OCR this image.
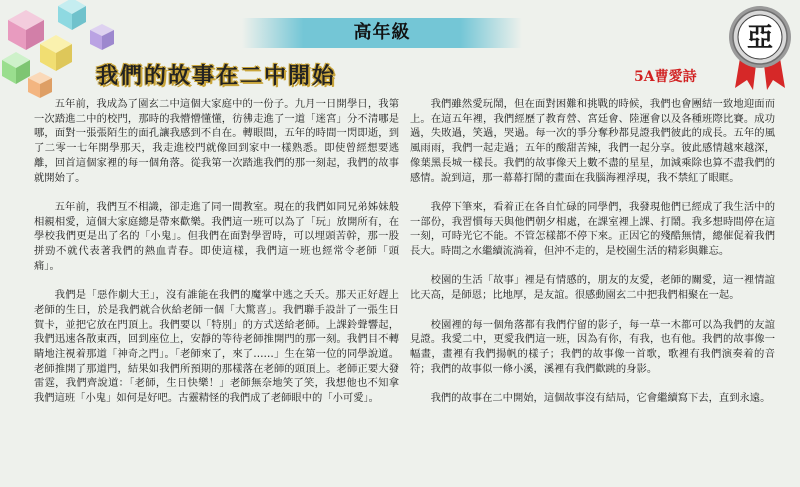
高年級	亞
我們的故事在二中開始	5A曹愛詩

五年前，我成為了園玄二中這個大家庭中的一份子。九月一日開學日，我第一次踏進二中的校門，那時的我懵懵懂懂，彷彿走進了一道「迷宮」分不清哪是哪，面對一張張陌生的面孔讓我感到不自在。轉眼間，五年的時間一閃即逝，到了二零一七年開學那天，我走進校門就像回到家中一樣熟悉。即使曾經想要逃離，回首這個家裡的每一個角落。從我第一次踏進我們的那一刻起，我們的故事就開始了。

五年前，我們互不相識，卻走進了同一間教室。現在的我們如同兄弟姊妹般相親相愛，這個大家庭總是帶來歡樂。我們這一班可以為了「玩」放開所有，在學校我們更是出了名的「小鬼」。但我們在面對學習時，可以埋頭苦幹，那一股拼勁不就代表著我們的熱血青春。即使這樣，我們這一班也經常令老師「頭痛」。

我們是「惡作劇大王」，沒有誰能在我們的魔掌中逃之夭夭。那天正好趕上老師的生日，於是我們就合伙給老師一個「大驚喜」。我們聯手設計了一張生日賀卡，並把它放在門頂上。我們要以「特別」的方式送給老師。上課鈴聲響起，我們迅速各散東西，回到座位上，安靜的等待老師推開門的那一刻。我們目不轉睛地注視着那道「神奇之門」。「老師來了，來了……」生在第一位的同學說道。老師推開了那道門，結果如我們所預期的那樣落在老師的頭頂上。老師正要大發雷霆，我們齊說道：「老師，生日快樂！」老師無奈地笑了笑，我想他也不知拿我們這班「小鬼」如何是好吧。古靈精怪的我們成了老師眼中的「小可愛」。

我們雖然愛玩鬧，但在面對困難和挑戰的時候，我們也會團結一致地迎面而上。在這五年裡，我們經歷了教育營、宮廷會、陸運會以及各種班際比賽。成功過，失敗過，笑過，哭過。每一次的爭分奪秒都見證我們彼此的成長。五年的風風雨雨，我們一起走過；五年的酸甜苦辣，我們一起分享。彼此感情越來越深，像葉黑長城一樣長。我們的故事像天上數不盡的星星，加減乘除也算不盡我們的感情。說到這，那一幕幕打鬧的畫面在我腦海裡浮現，我不禁紅了眼眶。

我停下筆來，看着正在各自忙碌的同學們，我發現他們已經成了我生活中的一部份，我習慣每天與他們朝夕相處，在課室裡上課、打鬧。我多想時間停在這一刻，可時光它不能。不管怎樣都不停下來。正因它的殘酷無情，總催促着我們長大。時間之水繼續流淌着，但沖不走的，是校園生活的精彩與難忘。

校園的生活「故事」裡是有情感的，朋友的友愛，老師的關愛，這一裡情誼比天高，是師恩；比地厚，是友誼。很感動園玄二中把我們相聚在一起。

校園裡的每一個角落都有我們佇留的影子，每一草一木都可以為我們的友誼見證。我愛二中，更愛我們這一班，因為有你，有我，也有他。我們的故事像一幅畫，畫裡有我們揚帆的樣子；我們的故事像一首歌，歌裡有我們演奏着的音符；我們的故事似一條小溪，溪裡有我們歡跳的身影。

我們的故事在二中開始，這個故事沒有結局，它會繼續寫下去，直到永遠。
